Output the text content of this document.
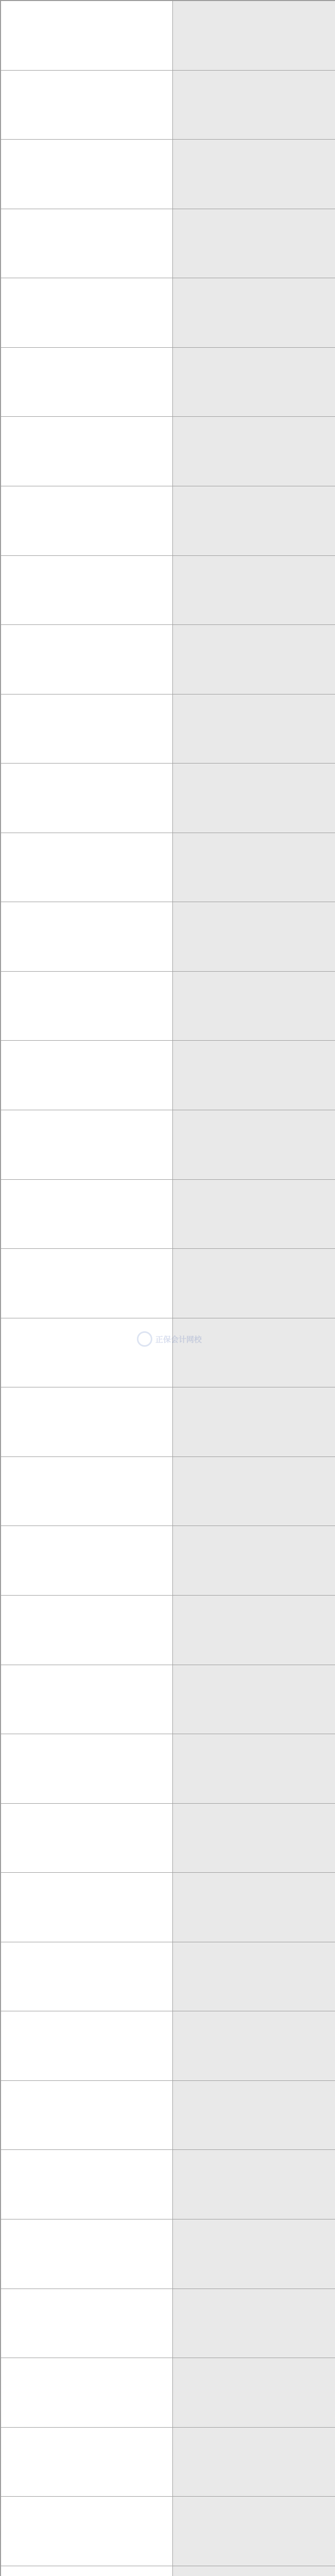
正保会计网校
